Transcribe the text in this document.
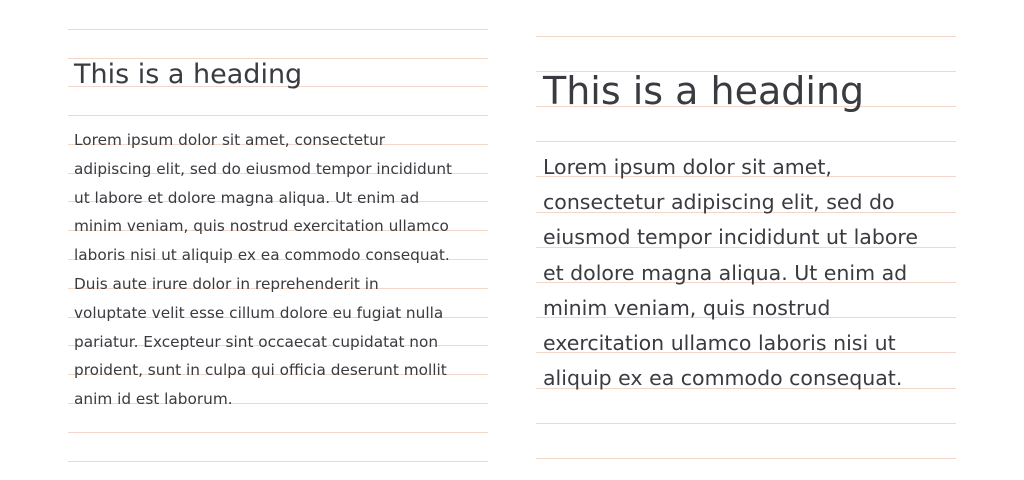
This is a heading

Lorem ipsum dolor sit amet, consectetur
adipiscing elit, sed do eiusmod tempor incididunt
ut labore et dolore magna aliqua. Ut enim ad
minim veniam, quis nostrud exercitation ullamco
laboris nisi ut aliquip ex ea commodo consequat.
Duis aute irure dolor in reprehenderit in
voluptate velit esse cillum dolore eu fugiat nulla
pariatur. Excepteur sint occaecat cupidatat non
proident, sunt in culpa qui officia deserunt mollit
anim id est laborum.

This is a heading

Lorem ipsum dolor sit amet,
consectetur adipiscing elit, sed do
eiusmod tempor incididunt ut labore
et dolore magna aliqua. Ut enim ad
minim veniam, quis nostrud
exercitation ullamco laboris nisi ut
aliquip ex ea commodo consequat.
